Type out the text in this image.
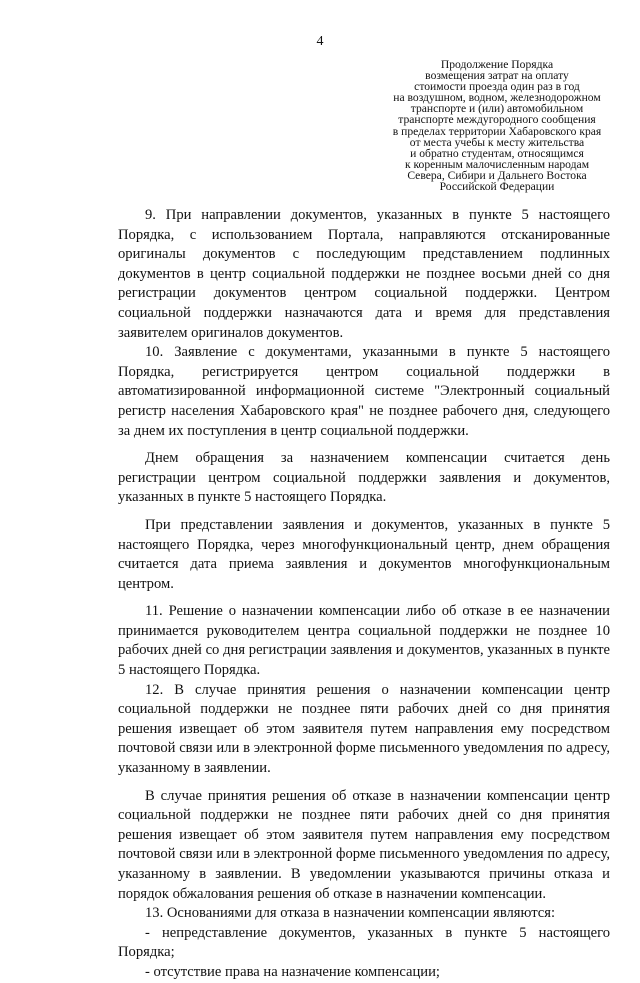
4
Продолжение Порядка
возмещения затрат на оплату
стоимости проезда один раз в год
на воздушном, водном, железнодорожном
транспорте и (или) автомобильном
транспорте междугородного сообщения
в пределах территории Хабаровского края
от места учебы к месту жительства
и обратно студентам, относящимся
к коренным малочисленным народам
Севера, Сибири и Дальнего Востока
Российской Федерации

9. При направлении документов, указанных в пункте 5 настоящего Порядка, с использованием Портала, направляются отсканированные оригиналы документов с последующим представлением подлинных документов в центр социальной поддержки не позднее восьми дней со дня регистрации документов центром социальной поддержки. Центром социальной поддержки назначаются дата и время для представления заявителем оригиналов документов.

10. Заявление с документами, указанными в пункте 5 настоящего Порядка, регистрируется центром социальной поддержки в автоматизированной информационной системе "Электронный социальный регистр населения Хабаровского края" не позднее рабочего дня, следующего за днем их поступления в центр социальной поддержки.

Днем обращения за назначением компенсации считается день регистрации центром социальной поддержки заявления и документов, указанных в пункте 5 настоящего Порядка.

При представлении заявления и документов, указанных в пункте 5 настоящего Порядка, через многофункциональный центр, днем обращения считается дата приема заявления и документов многофункциональным центром.

11. Решение о назначении компенсации либо об отказе в ее назначении принимается руководителем центра социальной поддержки не позднее 10 рабочих дней со дня регистрации заявления и документов, указанных в пункте 5 настоящего Порядка.

12. В случае принятия решения о назначении компенсации центр социальной поддержки не позднее пяти рабочих дней со дня принятия решения извещает об этом заявителя путем направления ему посредством почтовой связи или в электронной форме письменного уведомления по адресу, указанному в заявлении.

В случае принятия решения об отказе в назначении компенсации центр социальной поддержки не позднее пяти рабочих дней со дня принятия решения извещает об этом заявителя путем направления ему посредством почтовой связи или в электронной форме письменного уведомления по адресу, указанному в заявлении. В уведомлении указываются причины отказа и порядок обжалования решения об отказе в назначении компенсации.

13. Основаниями для отказа в назначении компенсации являются:

- непредставление документов, указанных в пункте 5 настоящего Порядка;

- отсутствие права на назначение компенсации;
